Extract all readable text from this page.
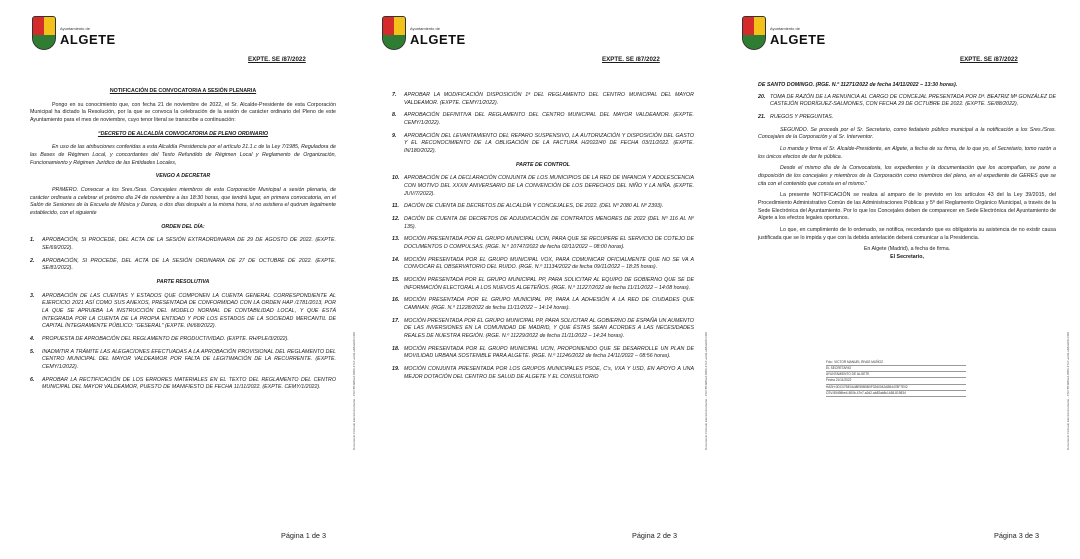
Ayuntamiento de
ALGETE
EXPTE. SE /87/2022
Documento Firmado Electrónicamente - CSV:85498be4-800b-47e7-a2d2-ab82ab8c1468
NOTIFICACIÓN DE CONVOCATORIA A SESIÓN PLENARIA
Pongo en su conocimiento que, con fecha 21 de noviembre de 2022, el Sr. Alcalde-Presidente de esta Corporación Municipal ha dictado la Resolución, por la que se convoca la celebración de la sesión de carácter ordinario del Pleno de este Ayuntamiento para el mes de noviembre, cuyo tenor literal se transcribe a continuación:
“DECRETO DE ALCALDÍA CONVOCATORIA DE PLENO ORDINARIO
En uso de las atribuciones conferidas a esta Alcaldía Presidencia por el artículo 21.1.c de la Ley 7/1985, Reguladora de las Bases de Régimen Local, y concordantes del Texto Refundido de Régimen Local y Reglamento de Organización, Funcionamiento y Régimen Jurídico de las Entidades Locales,
VENGO A DECRETAR
PRIMERO. Convocar a los Sres./Sras. Concejales miembros de esta Corporación Municipal a sesión plenaria, de carácter ordinaria a celebrar el próximo día 24 de noviembre a las 18:30 horas, que tendrá lugar, en primera convocatoria, en el Salón de Sesiones de la Escuela de Música y Danza, o dos días después a la misma hora, si no asistiera el quórum legalmente establecido, con el siguiente
ORDEN DEL DÍA:
1. APROBACIÓN, SI PROCEDE, DEL ACTA DE LA SESIÓN EXTRAORDINARIA DE 29 DE AGOSTO DE 2022. (EXPTE. SE/69/2022).
2. APROBACIÓN, SI PROCEDE, DEL ACTA DE LA SESIÓN ORDINARIA DE 27 DE OCTUBRE DE 2022. (EXPTE. SE/81/2022).
PARTE RESOLUTIVA
3. APROBACIÓN DE LAS CUENTAS Y ESTADOS QUE COMPONEN LA CUENTA GENERAL CORRESPONDIENTE AL EJERCICIO 2021 ASÍ COMO SUS ANEXOS, PRESENTADA DE CONFORMIDAD CON LA ORDEN HAP /1781/2013, POR LA QUE SE APRUEBA LA INSTRUCCIÓN DEL MODELO NORMAL DE CONTABILIDAD LOCAL, Y QUE ESTÁ INTEGRADA POR LA CUENTA DE LA PROPIA ENTIDAD Y POR LOS ESTADOS DE LA SOCIEDAD MERCANTIL DE CAPITAL ÍNTEGRAMENTE PÚBLICO: “GESERAL” (EXPTE. IN/68/2022).
4. PROPUESTA DE APROBACIÓN DEL REGLAMENTO DE PRODUCTIVIDAD. (EXPTE. RH/PLE/3/2022).
5. INADMITIR A TRÁMITE LAS ALEGACIONES EFECTUADAS A LA APROBACIÓN PROVISIONAL DEL REGLAMENTO DEL CENTRO MUNICIPAL DEL MAYOR VALDEAMOR POR FALTA DE LEGITIMACIÓN DE LA RECURRENTE. (EXPTE. CEMY/1/2022).
6. APROBAR LA RECTIFICACIÓN DE LOS ERRORES MATERIALES EN EL TEXTO DEL REGLAMENTO DEL CENTRO MUNICIPAL DEL MAYOR VALDEAMOR, PUESTO DE MANIFIESTO DE FECHA 11/11/2022. (EXPTE. CEMY/1/2022).
Página 1 de 3
Ayuntamiento de
ALGETE
EXPTE. SE /87/2022
Documento Firmado Electrónicamente - CSV:85498be4-800b-47e7-a2d2-ab82ab8c1468
7. APROBAR LA MODIFICACIÓN DISPOSICIÓN 1ª DEL REGLAMENTO DEL CENTRO MUNICIPAL DEL MAYOR VALDEAMOR. (EXPTE. CEMY/1/2022).
8. APROBACIÓN DEFINITIVA DEL REGLAMENTO DEL CENTRO MUNICIPAL DEL MAYOR VALDEAMOR. (EXPTE. CEMY/1/2022).
9. APROBACIÓN DEL LEVANTAMIENTO DEL REPARO SUSPENSIVO, LA AUTORIZACIÓN Y DISPOSICIÓN DEL GASTO Y EL RECONOCIMIENTO DE LA OBLIGACIÓN DE LA FACTURA H/2022/40 DE FECHA 03/11/2022. (EXPTE. IN/180/2022).
PARTE DE CONTROL
10. APROBACIÓN DE LA DECLARACIÓN CONJUNTA DE LOS MUNICIPIOS DE LA RED DE INFANCIA Y ADOLESCENCIA CON MOTIVO DEL XXXIII ANIVERSARIO DE LA CONVENCIÓN DE LOS DERECHOS DEL NIÑO Y LA NIÑA. (EXPTE. JUV/7/2022).
11. DACIÓN DE CUENTA DE DECRETOS DE ALCALDÍA Y CONCEJALES, DE 2022. (DEL Nº 2080 AL Nº 2393).
12. DACIÓN DE CUENTA DE DECRETOS DE ADJUDICACIÓN DE CONTRATOS MENORES DE 2022 (DEL Nº 116 AL Nº 135).
13. MOCIÓN PRESENTADA POR EL GRUPO MUNICIPAL UCIN, PARA QUE SE RECUPERE EL SERVICIO DE COTEJO DE DOCUMENTOS O COMPULSAS. (RGE. N.º 10747/2022 de fecha 02/11/2022 – 08:00 horas).
14. MOCIÓN PRESENTADA POR EL GRUPO MUNICIPAL VOX, PARA COMUNICAR OFICIALMENTE QUE NO SE VA A CONVOCAR EL OBSERVATORIO DEL RUIDO. (RGE. N.º 11134/2022 de fecha 09/11/2022 – 18:25 horas).
15. MOCIÓN PRESENTADA POR EL GRUPO MUNICIPAL PP, PARA SOLICITAR AL EQUIPO DE GOBIERNO QUE SE DE INFORMACIÓN ELECTORAL A LOS NUEVOS ALGETEÑOS. (RGE. N.º 11227/2022 de fecha 11/11/2022 – 14:08 horas).
16. MOCIÓN PRESENTADA POR EL GRUPO MUNICIPAL PP, PARA LA ADHESIÓN A LA RED DE CIUDADES QUE CAMINAN. (RGE. N.º 11228/2022 de fecha 11/11/2022 – 14:14 horas).
17. MOCIÓN PRESENTADA POR EL GRUPO MUNICIPAL PP, PARA SOLICITAR AL GOBIERNO DE ESPAÑA UN AUMENTO DE LAS INVERSIONES EN LA COMUNIDAD DE MADRID, Y QUE ÉSTAS SEAN ACORDES A LAS NECESIDADES REALES DE NUESTRA REGIÓN. (RGE. N.º 11229/2022 de fecha 11/11/2022 – 14:24 horas).
18. MOCIÓN PRESENTADA POR EL GRUPO MUNICIPAL UCIN, PROPONIENDO QUE SE DESARROLLE UN PLAN DE MOVILIDAD URBANA SOSTENIBLE PARA ALGETE. (RGE. N.º 11246/2022 de fecha 14/11/2022 – 08:56 horas).
19. MOCIÓN CONJUNTA PRESENTADA POR LOS GRUPOS MUNICIPALES PSOE, C's, VXA Y USD, EN APOYO A UNA MEJOR DOTACIÓN DEL CENTRO DE SALUD DE ALGETE Y EL CONSULTORIO
Página 2 de 3
Ayuntamiento de
ALGETE
EXPTE. SE /87/2022
Documento Firmado Electrónicamente - CSV:85498be4-800b-47e7-a2d2-ab82ab8c1468
DE SANTO DOMINGO. (RGE. N.º 11271/2022 de fecha 14/11/2022 – 13:30 horas).
20. TOMA DE RAZÓN DE LA RENUNCIA AL CARGO DE CONCEJAL PRESENTADA POR Dª. BEATRIZ Mª GONZÁLEZ DE CASTEJÓN RODRÍGUEZ-SALMONES, CON FECHA 29 DE OCTUBRE DE 2022. (EXPTE. SE/88/2022).
21. RUEGOS Y PREGUNTAS.
SEGUNDO. Se proceda por el Sr. Secretario, como fedatario público municipal a la notificación a los Sres./Sras. Concejales de la Corporación y al Sr. Interventor.
Lo manda y firma el Sr. Alcalde-Presidente, en Algete, a fecha de su firma, de lo que yo, el Secretario, tomo razón a los únicos efectos de dar fe pública.
Desde el mismo día de la Convocatoria, los expedientes y la documentación que los acompañan, se pone a disposición de los concejales y miembros de la Corporación como miembros del pleno, en el expediente de GERES que se cita con el contenido que consta en el mismo.”
La presente NOTIFICACIÓN se realiza al amparo de lo previsto en los artículos 43 del la Ley 39/2015, del Procedimiento Administrativo Común de las Administraciones Públicas y 5º del Reglamento Orgánico Municipal, a través de la Sede Electrónica del Ayuntamiento. Por lo que los Concejales deben de comparecer en Sede Electrónica del Ayuntamiento de Algete a los efectos legales oportunos.
Lo que, en cumplimiento de lo ordenado, se notifica, recordando que es obligatoria su asistencia de no existir causa justificada que se lo impida y que con la debida antelación deberá comunicar a la Presidencia.
En Algete (Madrid), a fecha de firma.
El Secretario,
Fdo.: VICTOR MANUEL RIVAS MUÑOZ
EL SECRETARIO
AYUNTAMIENTO DE ALGETE
Fecha 21/11/2022
HASH:0DC07BE0A48E59B5B0F3260042A8B4478F7E02
CSV:85498be4-800b-47e7-a2d2-ab82ab8c1468-819834
Página 3 de 3
